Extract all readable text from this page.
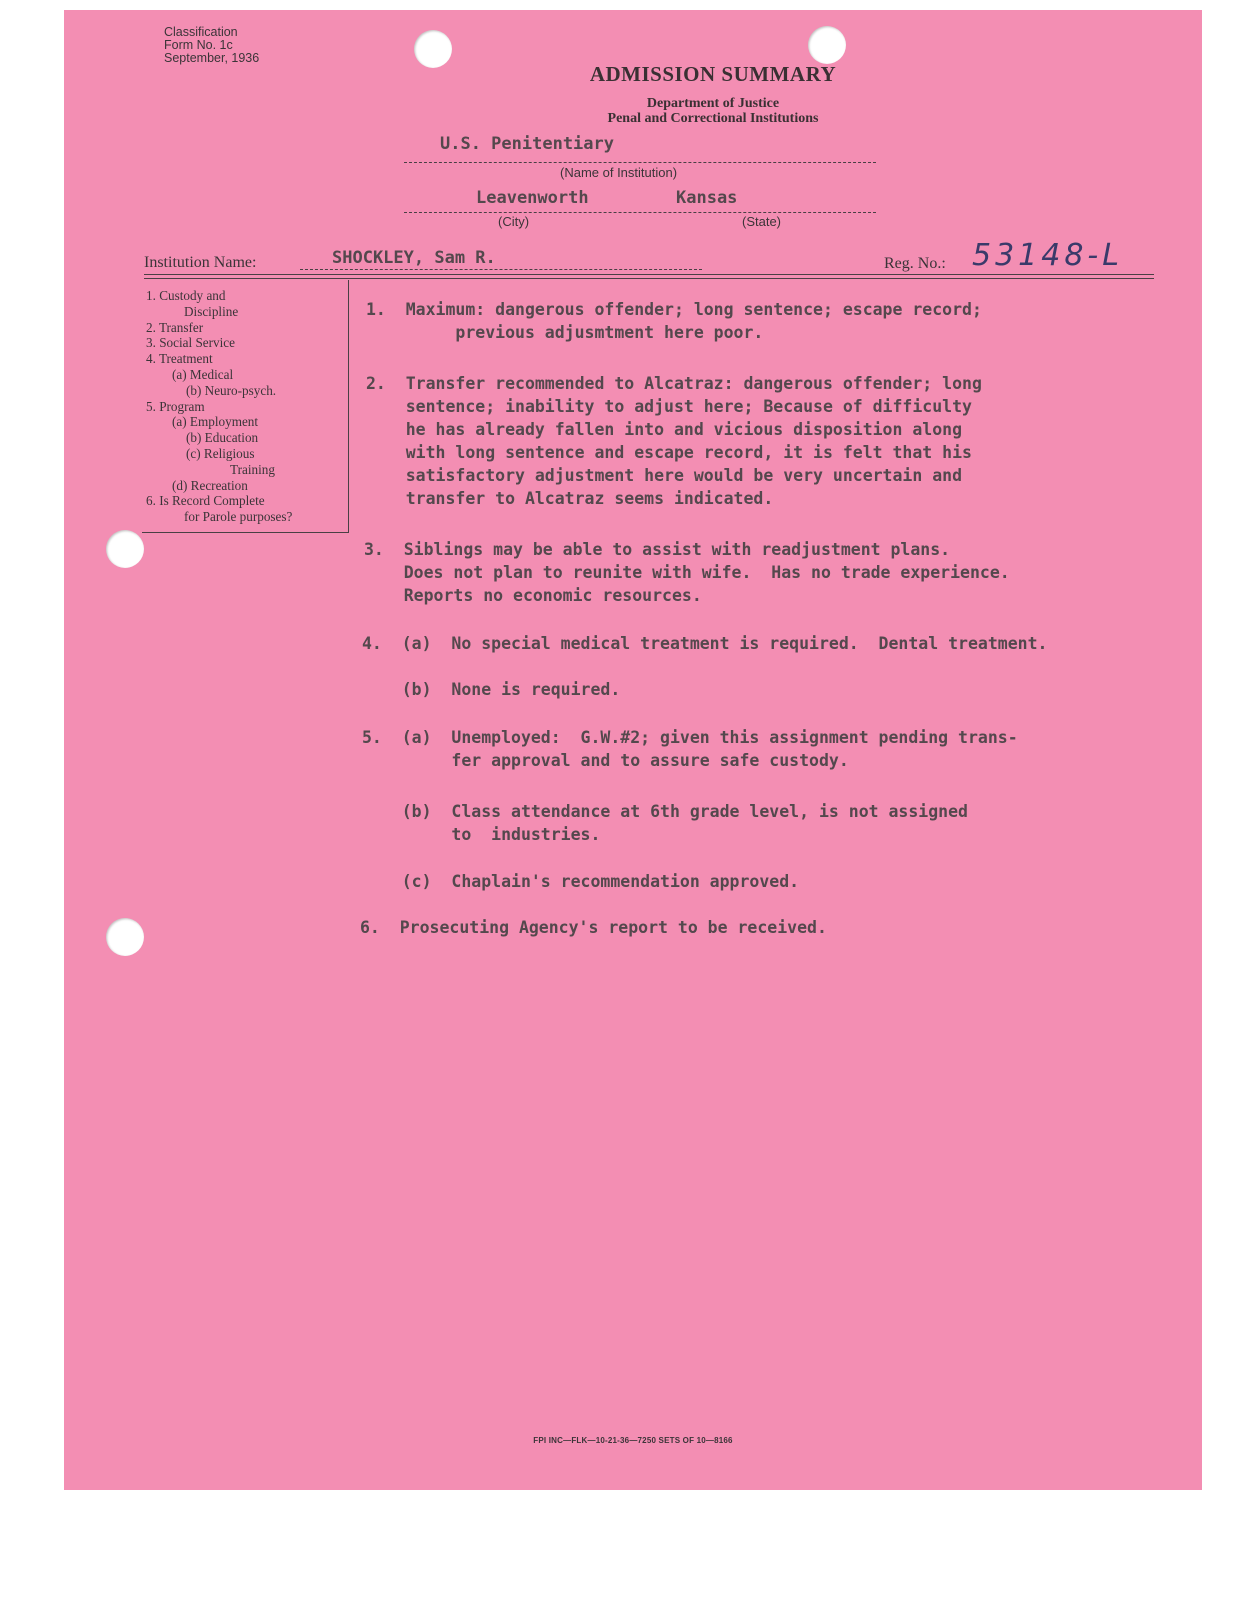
Classification
Form No. 1c
September, 1936
ADMISSION SUMMARY
Department of Justice
Penal and Correctional Institutions
U.S. Penitentiary
(Name of Institution)
Leavenworth	Kansas
(City)	(State)
Institution Name:	SHOCKLEY, Sam R.	Reg. No.: 53148-L
1. Custody and
Discipline
2. Transfer
3. Social Service
4. Treatment
(a) Medical
(b) Neuro-psych.
5. Program
(a) Employment
(b) Education
(c) Religious
Training
(d) Recreation
6. Is Record Complete
for Parole purposes?
1.  Maximum: dangerous offender; long sentence; escape record;
previous adjusmtment here poor.
2.  Transfer recommended to Alcatraz: dangerous offender; long
sentence; inability to adjust here; Because of difficulty
he has already fallen into and vicious disposition along
with long sentence and escape record, it is felt that his
satisfactory adjustment here would be very uncertain and
transfer to Alcatraz seems indicated.
3.  Siblings may be able to assist with readjustment plans.
Does not plan to reunite with wife.  Has no trade experience.
Reports no economic resources.
4.  (a)  No special medical treatment is required.  Dental treatment.
(b)  None is required.
5.  (a)  Unemployed:  G.W.#2; given this assignment pending trans-
fer approval and to assure safe custody.
(b)  Class attendance at 6th grade level, is not assigned
to  industries.
(c)  Chaplain's recommendation approved.
6.  Prosecuting Agency's report to be received.
FPI INC—FLK—10-21-36—7250 SETS OF 10—8166
